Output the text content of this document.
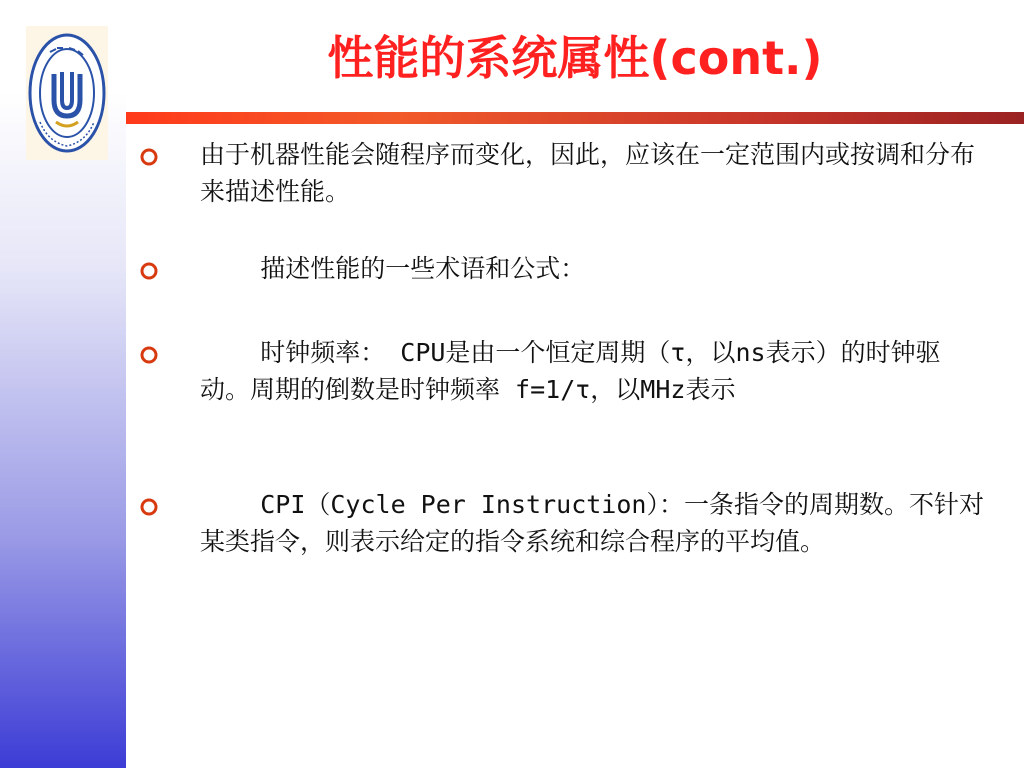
性能的系统属性(cont.)
由于机器性能会随程序而变化，因此，应该在一定范围内或按调和分布来描述性能。
描述性能的一些术语和公式：
时钟频率： CPU是由一个恒定周期（τ，以ns表示）的时钟驱动。周期的倒数是时钟频率 f=1/τ，以MHz表示
CPI（Cycle Per Instruction）：一条指令的周期数。不针对某类指令，则表示给定的指令系统和综合程序的平均值。
